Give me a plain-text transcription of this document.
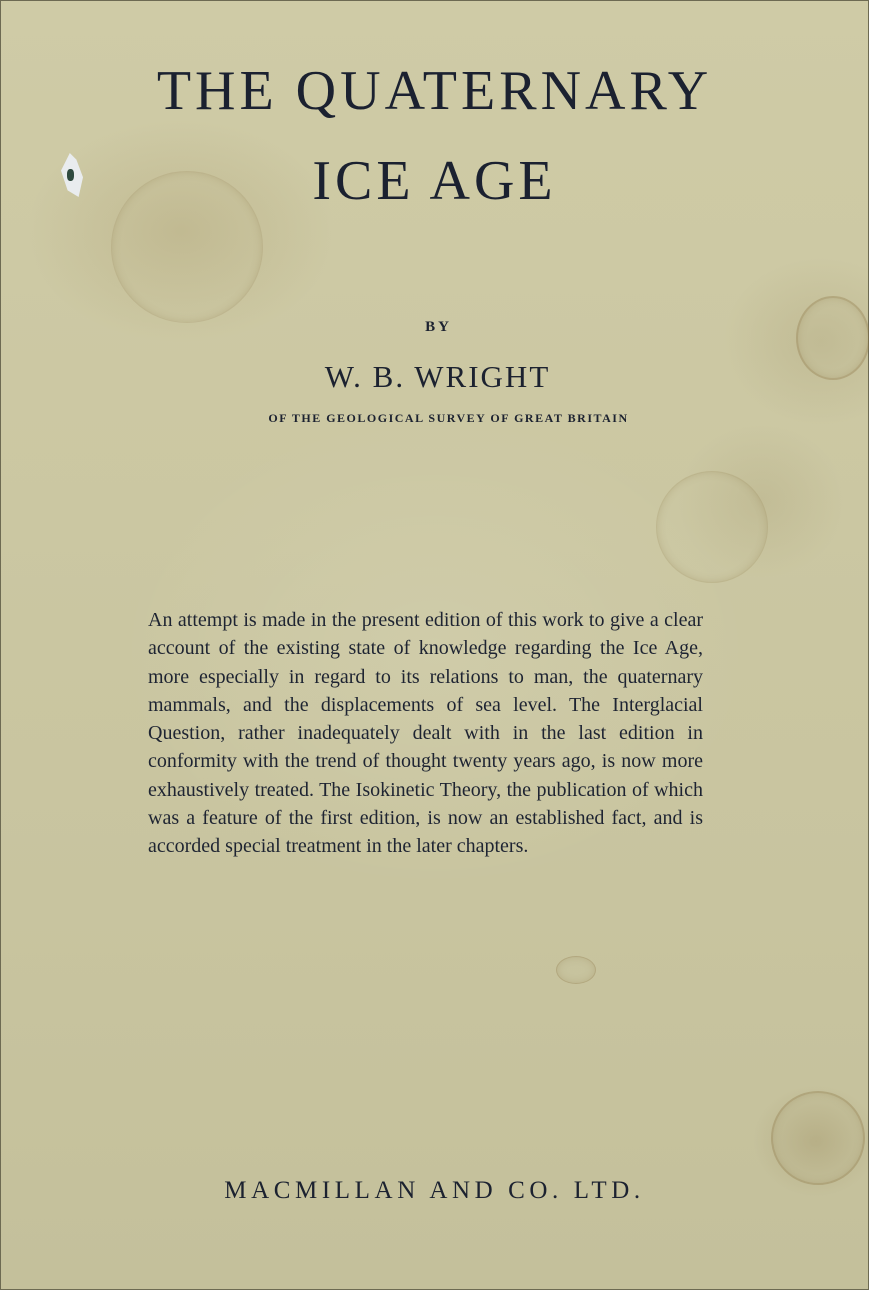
THE QUATERNARY
ICE AGE
BY
W. B. WRIGHT
OF THE GEOLOGICAL SURVEY OF GREAT BRITAIN

An attempt is made in the present edition of this work to give a clear account of the existing state of knowledge regarding the Ice Age, more especially in regard to its relations to man, the quaternary mammals, and the displacements of sea level. The Interglacial Question, rather inadequately dealt with in the last edition in conformity with the trend of thought twenty years ago, is now more exhaustively treated. The Isokinetic Theory, the publication of which was a feature of the first edition, is now an established fact, and is accorded special treatment in the later chapters.

MACMILLAN AND CO. LTD.
